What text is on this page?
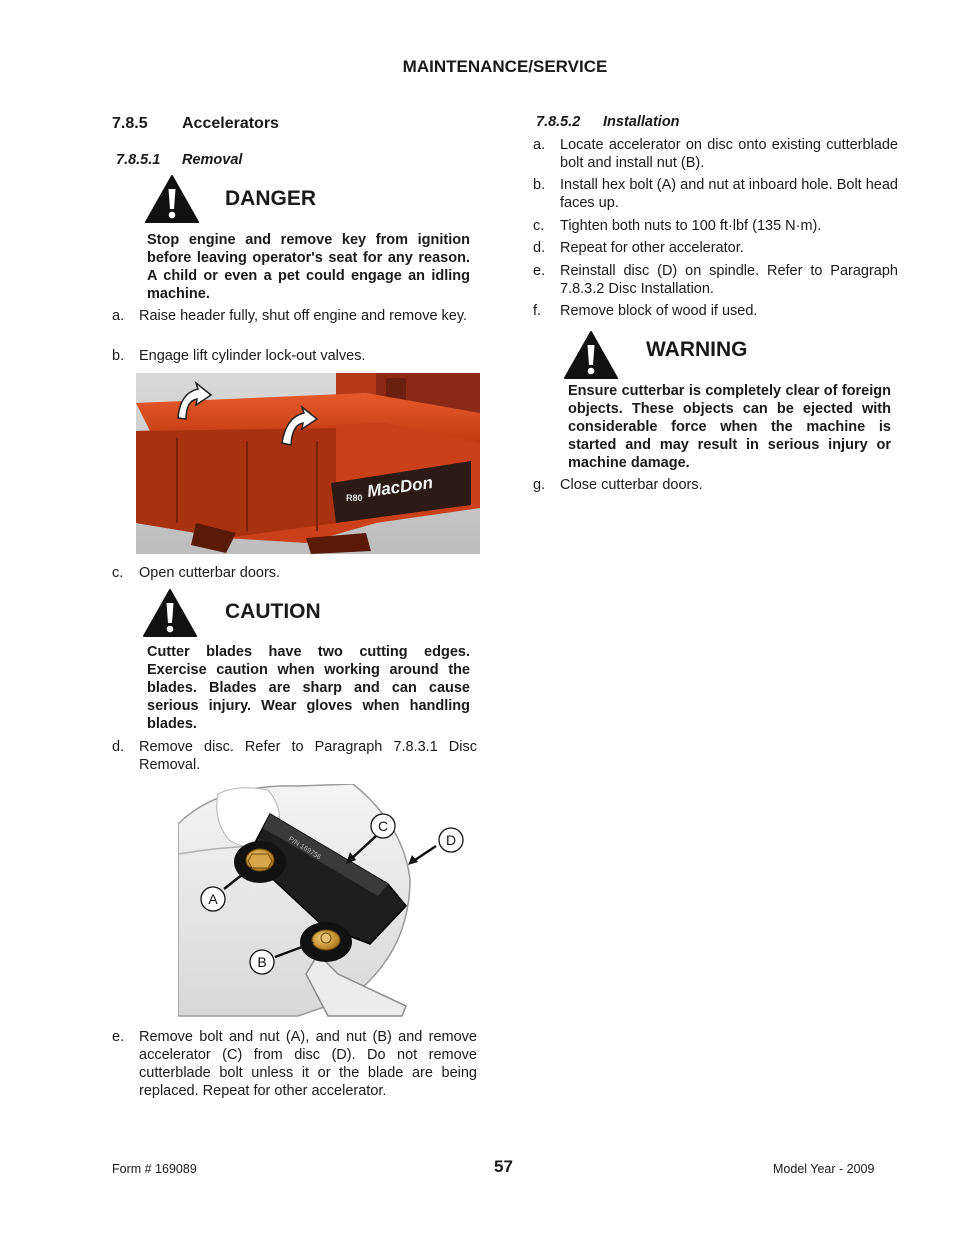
MAINTENANCE/SERVICE
7.8.5 Accelerators
7.8.5.1 Removal
DANGER
Stop engine and remove key from ignition before leaving operator's seat for any reason. A child or even a pet could engage an idling machine.
a. Raise header fully, shut off engine and remove key.
b. Engage lift cylinder lock-out valves.
R80 MacDon
c. Open cutterbar doors.
CAUTION
Cutter blades have two cutting edges. Exercise caution when working around the blades. Blades are sharp and can cause serious injury. Wear gloves when handling blades.
d. Remove disc. Refer to Paragraph 7.8.3.1 Disc Removal.
P/N 169756
A
B
C
D
e. Remove bolt and nut (A), and nut (B) and remove accelerator (C) from disc (D). Do not remove cutterblade bolt unless it or the blade are being replaced. Repeat for other accelerator.
7.8.5.2 Installation
a. Locate accelerator on disc onto existing cutterblade bolt and install nut (B).
b. Install hex bolt (A) and nut at inboard hole. Bolt head faces up.
c. Tighten both nuts to 100 ft·lbf (135 N·m).
d. Repeat for other accelerator.
e. Reinstall disc (D) on spindle. Refer to Paragraph 7.8.3.2 Disc Installation.
f. Remove block of wood if used.
WARNING
Ensure cutterbar is completely clear of foreign objects. These objects can be ejected with considerable force when the machine is started and may result in serious injury or machine damage.
g. Close cutterbar doors.
Form # 169089	57	Model Year - 2009
